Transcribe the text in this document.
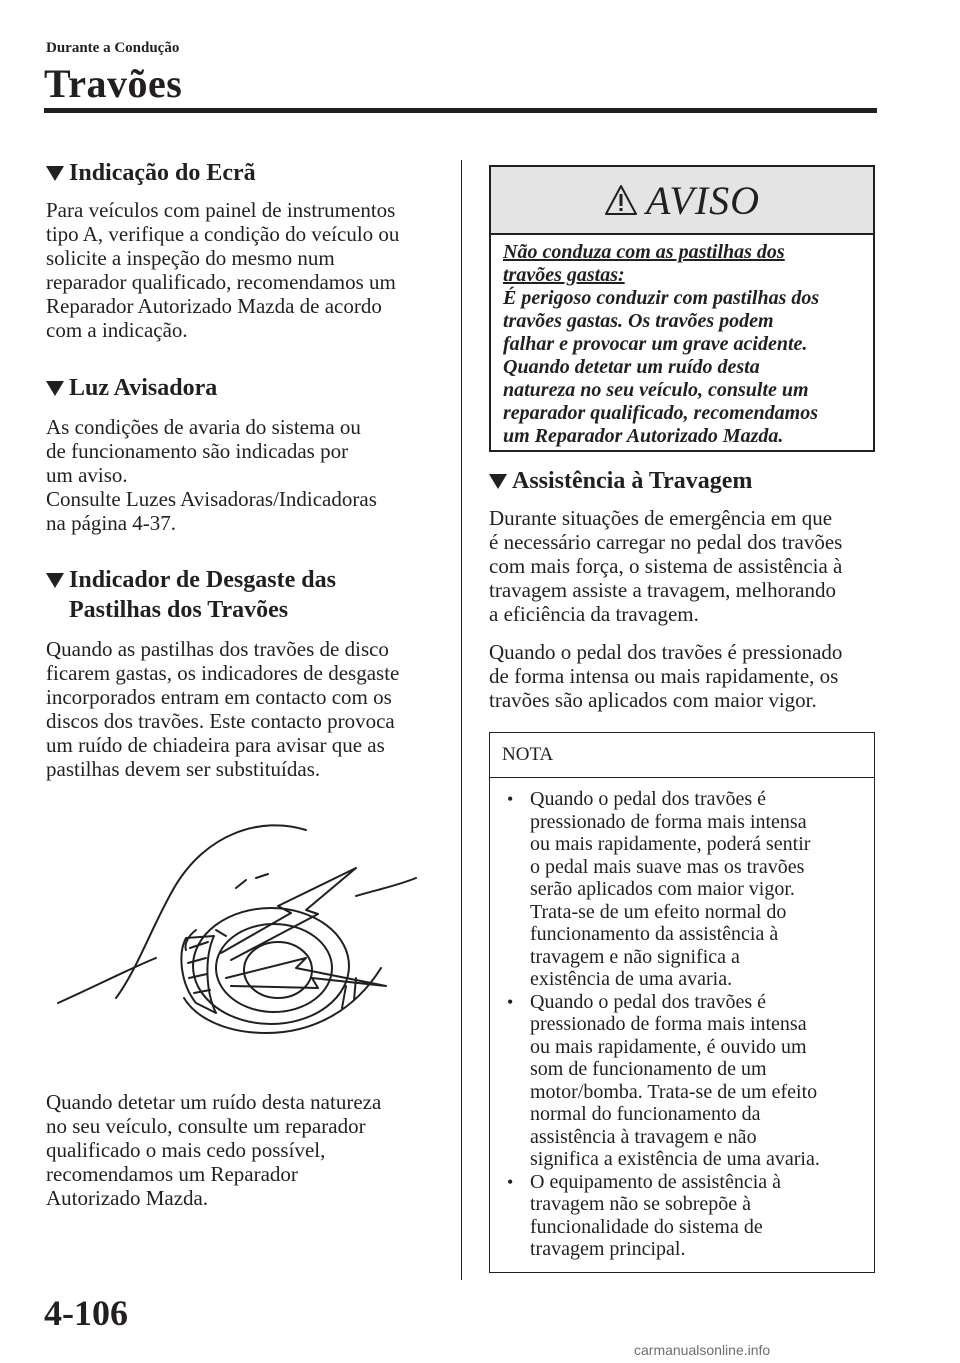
Durante a Condução
Travões
Indicação do Ecrã

Para veículos com painel de instrumentos
tipo A, verifique a condição do veículo ou
solicite a inspeção do mesmo num
reparador qualificado, recomendamos um
Reparador Autorizado Mazda de acordo
com a indicação.

Luz Avisadora

As condições de avaria do sistema ou
de funcionamento são indicadas por
um aviso.
Consulte Luzes Avisadoras/Indicadoras
na página 4-37.

Indicador de Desgaste das
Pastilhas dos Travões

Quando as pastilhas dos travões de disco
ficarem gastas, os indicadores de desgaste
incorporados entram em contacto com os
discos dos travões. Este contacto provoca
um ruído de chiadeira para avisar que as
pastilhas devem ser substituídas.

Quando detetar um ruído desta natureza
no seu veículo, consulte um reparador
qualificado o mais cedo possível,
recomendamos um Reparador
Autorizado Mazda.

AVISO
Não conduza com as pastilhas dos
travões gastas:
É perigoso conduzir com pastilhas dos
travões gastas. Os travões podem
falhar e provocar um grave acidente.
Quando detetar um ruído desta
natureza no seu veículo, consulte um
reparador qualificado, recomendamos
um Reparador Autorizado Mazda.
Assistência à Travagem

Durante situações de emergência em que
é necessário carregar no pedal dos travões
com mais força, o sistema de assistência à
travagem assiste a travagem, melhorando
a eficiência da travagem.

Quando o pedal dos travões é pressionado
de forma intensa ou mais rapidamente, os
travões são aplicados com maior vigor.

NOTA
• Quando o pedal dos travões é
pressionado de forma mais intensa
ou mais rapidamente, poderá sentir
o pedal mais suave mas os travões
serão aplicados com maior vigor.
Trata-se de um efeito normal do
funcionamento da assistência à
travagem e não significa a
existência de uma avaria.
• Quando o pedal dos travões é
pressionado de forma mais intensa
ou mais rapidamente, é ouvido um
som de funcionamento de um
motor/bomba. Trata-se de um efeito
normal do funcionamento da
assistência à travagem e não
significa a existência de uma avaria.
• O equipamento de assistência à
travagem não se sobrepõe à
funcionalidade do sistema de
travagem principal.
4-106
carmanualsonline.info
